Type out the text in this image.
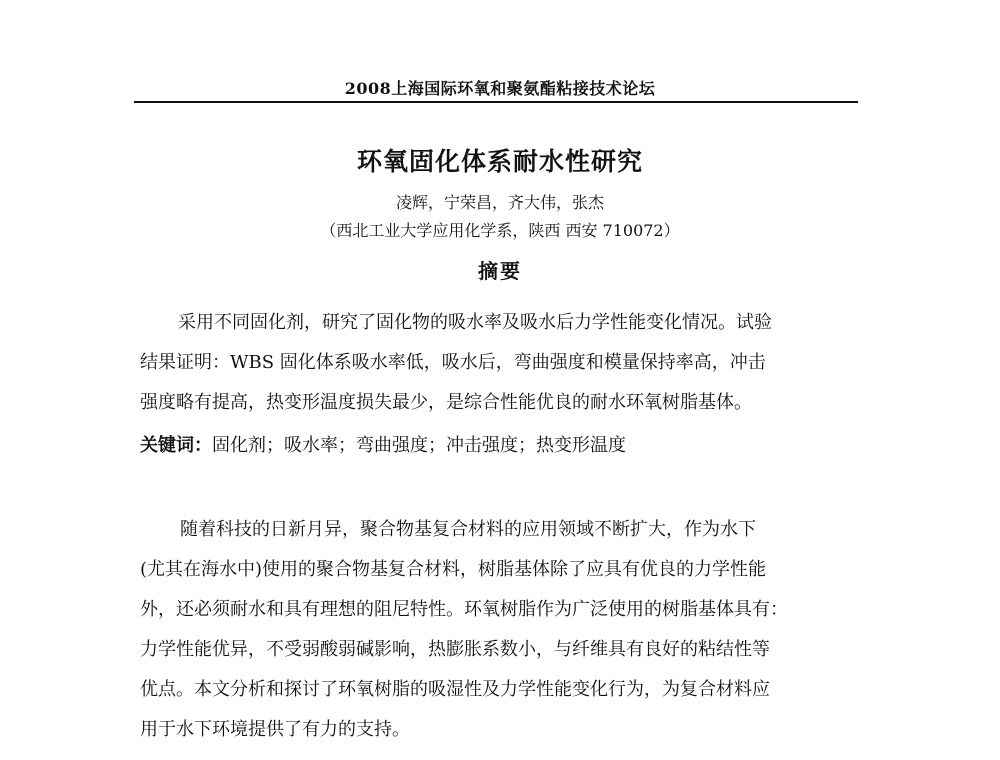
2008上海国际环氧和聚氨酯粘接技术论坛
环氧固化体系耐水性研究
凌辉，宁荣昌，齐大伟，张杰
（西北工业大学应用化学系，陕西 西安 710072）
摘要
采用不同固化剂，研究了固化物的吸水率及吸水后力学性能变化情况。试验
结果证明：WBS 固化体系吸水率低，吸水后，弯曲强度和模量保持率高，冲击
强度略有提高，热变形温度损失最少，是综合性能优良的耐水环氧树脂基体。
关键词：固化剂；吸水率；弯曲强度；冲击强度；热变形温度
随着科技的日新月异，聚合物基复合材料的应用领域不断扩大，作为水下
(尤其在海水中)使用的聚合物基复合材料，树脂基体除了应具有优良的力学性能
外，还必须耐水和具有理想的阻尼特性。环氧树脂作为广泛使用的树脂基体具有：
力学性能优异，不受弱酸弱碱影响，热膨胀系数小，与纤维具有良好的粘结性等
优点。本文分析和探讨了环氧树脂的吸湿性及力学性能变化行为，为复合材料应
用于水下环境提供了有力的支持。
